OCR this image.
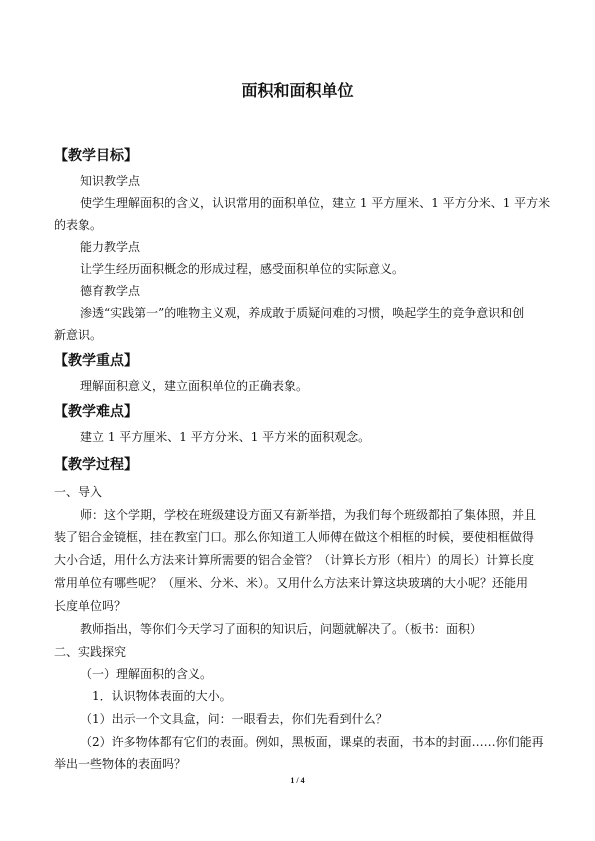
面积和面积单位
【教学目标】
知识教学点
使学生理解面积的含义，认识常用的面积单位，建立 1 平方厘米、1 平方分米、1 平方米
的表象。
能力教学点
让学生经历面积概念的形成过程，感受面积单位的实际意义。
德育教学点
渗透“实践第一”的唯物主义观，养成敢于质疑问难的习惯，唤起学生的竞争意识和创
新意识。
【教学重点】
理解面积意义，建立面积单位的正确表象。
【教学难点】
建立 1 平方厘米、1 平方分米、1 平方米的面积观念。
【教学过程】
一、导入
师：这个学期，学校在班级建设方面又有新举措，为我们每个班级都拍了集体照，并且
装了铝合金镜框，挂在教室门口。那么你知道工人师傅在做这个相框的时候，要使相框做得
大小合适，用什么方法来计算所需要的铝合金管？（计算长方形（相片）的周长）计算长度
常用单位有哪些呢？（厘米、分米、米）。又用什么方法来计算这块玻璃的大小呢？还能用
长度单位吗？
教师指出，等你们今天学习了面积的知识后，问题就解决了。（板书：面积）
二、实践探究
（一）理解面积的含义。
1．认识物体表面的大小。
（1）出示一个文具盒，问：一眼看去，你们先看到什么？
（2）许多物体都有它们的表面。例如，黑板面，课桌的表面，书本的封面……你们能再
举出一些物体的表面吗？
1 / 4
